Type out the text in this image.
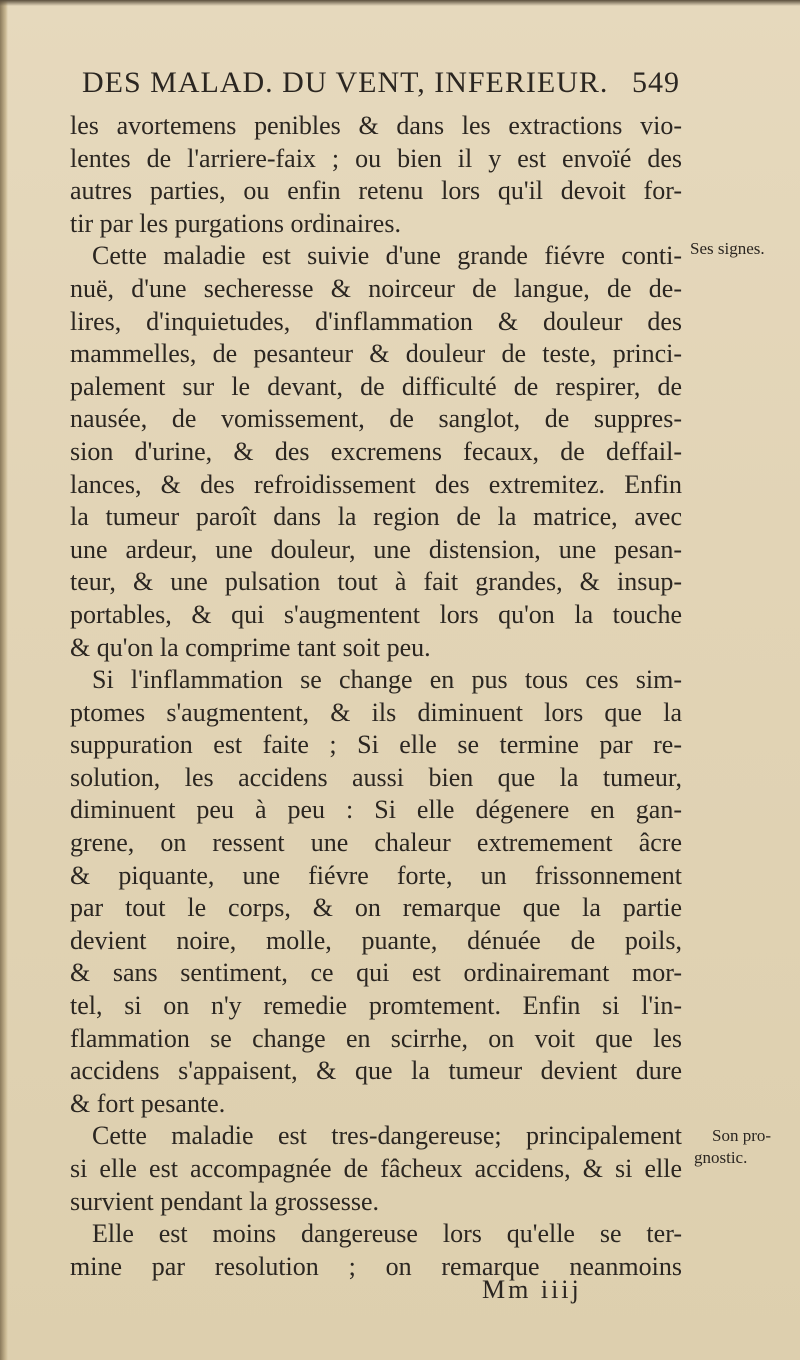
DES MALAD. DU VENT, INFERIEUR. 549
les avortemens penibles & dans les extractions vio-
lentes de l'arriere-faix ; ou bien il y est envoïé des
autres parties, ou enfin retenu lors qu'il devoit for-
tir par les purgations ordinaires.
Cette maladie est suivie d'une grande fiévre conti-
nuë, d'une secheresse & noirceur de langue, de de-
lires, d'inquietudes, d'inflammation & douleur des
mammelles, de pesanteur & douleur de teste, princi-
palement sur le devant, de difficulté de respirer, de
nausée, de vomissement, de sanglot, de suppres-
sion d'urine, & des excremens fecaux, de deffail-
lances, & des refroidissement des extremitez. Enfin
la tumeur paroît dans la region de la matrice, avec
une ardeur, une douleur, une distension, une pesan-
teur, & une pulsation tout à fait grandes, & insup-
portables, & qui s'augmentent lors qu'on la touche
& qu'on la comprime tant soit peu.
Si l'inflammation se change en pus tous ces sim-
ptomes s'augmentent, & ils diminuent lors que la
suppuration est faite ; Si elle se termine par re-
solution, les accidens aussi bien que la tumeur,
diminuent peu à peu : Si elle dégenere en gan-
grene, on ressent une chaleur extremement âcre
& piquante, une fiévre forte, un frissonnement
par tout le corps, & on remarque que la partie
devient noire, molle, puante, dénuée de poils,
& sans sentiment, ce qui est ordinairemant mor-
tel, si on n'y remedie promtement. Enfin si l'in-
flammation se change en scirrhe, on voit que les
accidens s'appaisent, & que la tumeur devient dure
& fort pesante.
Cette maladie est tres-dangereuse; principalement
si elle est accompagnée de fâcheux accidens, & si elle
survient pendant la grossesse.
Elle est moins dangereuse lors qu'elle se ter-
mine par resolution ; on remarque neanmoins
Ses signes.
Son pro-
gnostic.
Mm iiij
